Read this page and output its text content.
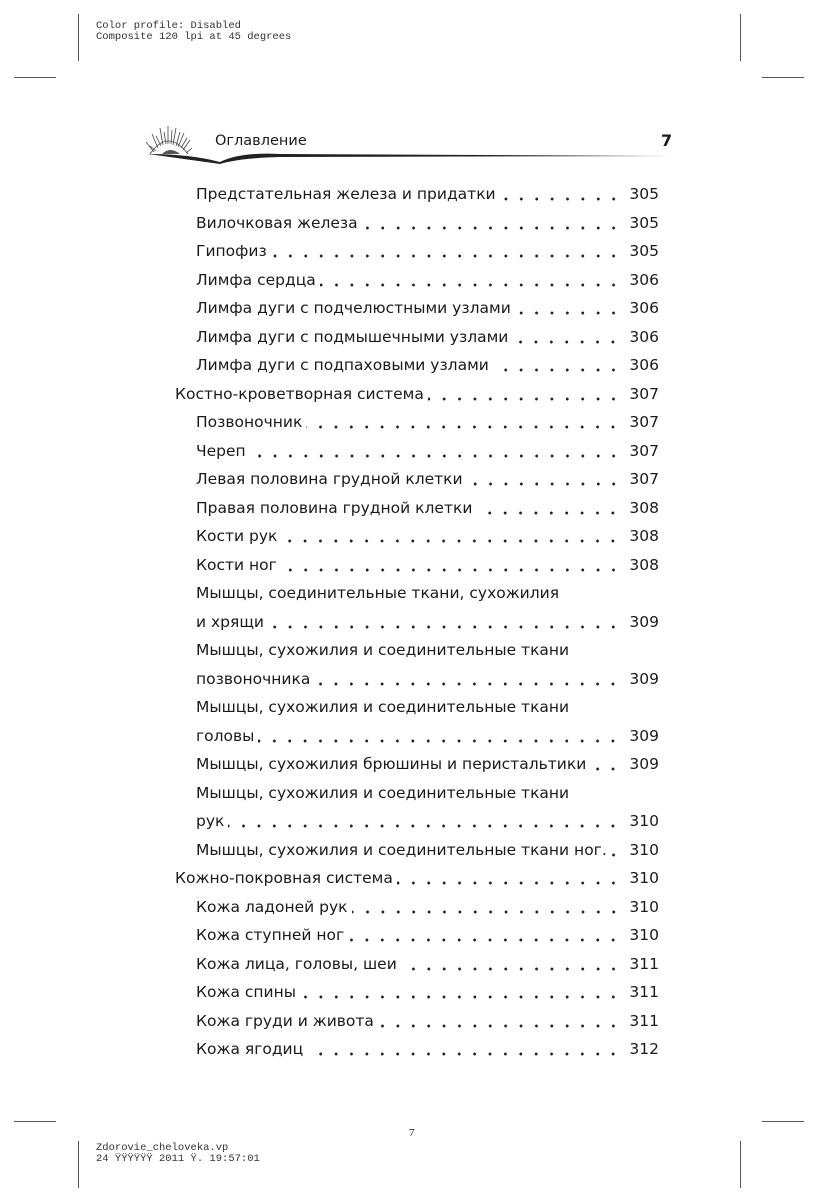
Color profile: Disabled
Composite 120 lpi at 45 degrees
Оглавление	7
Предстательная железа и придатки	305
Вилочковая железа	305
Гипофиз	305
Лимфа сердца	306
Лимфа дуги с подчелюстными узлами	306
Лимфа дуги с подмышечными узлами	306
Лимфа дуги с подпаховыми узлами	306
Костно-кроветворная система	307
Позвоночник	307
Череп	307
Левая половина грудной клетки	307
Правая половина грудной клетки	308
Кости рук	308
Кости ног	308
Мышцы, соединительные ткани, сухожилия
и хрящи	309
Мышцы, сухожилия и соединительные ткани
позвоночника	309
Мышцы, сухожилия и соединительные ткани
головы	309
Мышцы, сухожилия брюшины и перистальтики	309
Мышцы, сухожилия и соединительные ткани
рук	310
Мышцы, сухожилия и соединительные ткани ног. 310
Кожно-покровная система	310
Кожа ладоней рук	310
Кожа ступней ног	310
Кожа лица, головы, шеи	311
Кожа спины	311
Кожа груди и живота	311
Кожа ягодиц	312
7
Zdorovie_cheloveka.vp
24 ŸŸŸŸŸŸ 2011 Ÿ. 19:57:01
